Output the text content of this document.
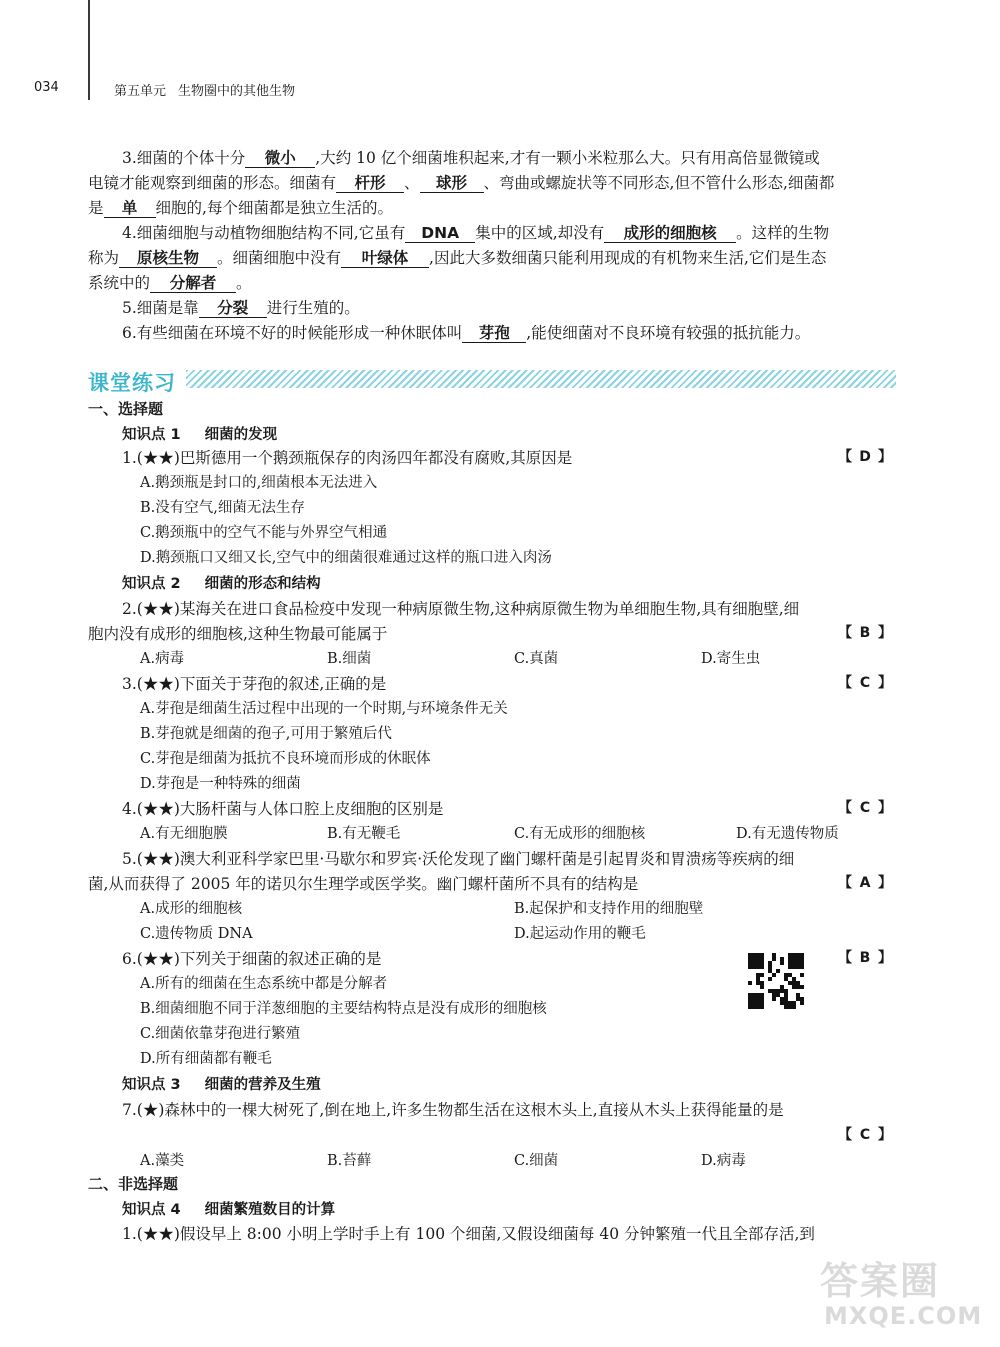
034	第五单元 生物圈中的其他生物
3.细菌的个体十分 微小 ,大约 10 亿个细菌堆积起来,才有一颗小米粒那么大。只有用高倍显微镜或
电镜才能观察到细菌的形态。细菌有 杆形 、 球形 、弯曲或螺旋状等不同形态,但不管什么形态,细菌都
是 单 细胞的,每个细菌都是独立生活的。
4.细菌细胞与动植物细胞结构不同,它虽有 DNA 集中的区域,却没有 成形的细胞核 。这样的生物
称为 原核生物 。细菌细胞中没有 叶绿体 ,因此大多数细菌只能利用现成的有机物来生活,它们是生态
系统中的 分解者 。
5.细菌是靠 分裂 进行生殖的。
6.有些细菌在环境不好的时候能形成一种休眠体叫 芽孢 ,能使细菌对不良环境有较强的抵抗能力。
课堂练习
一、选择题
知识点 1 细菌的发现
1.(★★)巴斯德用一个鹅颈瓶保存的肉汤四年都没有腐败,其原因是	【 D 】
A.鹅颈瓶是封口的,细菌根本无法进入
B.没有空气,细菌无法生存
C.鹅颈瓶中的空气不能与外界空气相通
D.鹅颈瓶口又细又长,空气中的细菌很难通过这样的瓶口进入肉汤
知识点 2 细菌的形态和结构
2.(★★)某海关在进口食品检疫中发现一种病原微生物,这种病原微生物为单细胞生物,具有细胞壁,细
胞内没有成形的细胞核,这种生物最可能属于	【 B 】
A.病毒	B.细菌	C.真菌	D.寄生虫
3.(★★)下面关于芽孢的叙述,正确的是	【 C 】
A.芽孢是细菌生活过程中出现的一个时期,与环境条件无关
B.芽孢就是细菌的孢子,可用于繁殖后代
C.芽孢是细菌为抵抗不良环境而形成的休眠体
D.芽孢是一种特殊的细菌
4.(★★)大肠杆菌与人体口腔上皮细胞的区别是	【 C 】
A.有无细胞膜	B.有无鞭毛	C.有无成形的细胞核	D.有无遗传物质
5.(★★)澳大利亚科学家巴里·马歇尔和罗宾·沃伦发现了幽门螺杆菌是引起胃炎和胃溃疡等疾病的细
菌,从而获得了 2005 年的诺贝尔生理学或医学奖。幽门螺杆菌所不具有的结构是	【 A 】
A.成形的细胞核	B.起保护和支持作用的细胞壁
C.遗传物质 DNA	D.起运动作用的鞭毛
6.(★★)下列关于细菌的叙述正确的是	【 B 】
A.所有的细菌在生态系统中都是分解者
B.细菌细胞不同于洋葱细胞的主要结构特点是没有成形的细胞核
C.细菌依靠芽孢进行繁殖
D.所有细菌都有鞭毛
知识点 3 细菌的营养及生殖
7.(★)森林中的一棵大树死了,倒在地上,许多生物都生活在这根木头上,直接从木头上获得能量的是
【 C 】
A.藻类	B.苔藓	C.细菌	D.病毒
二、非选择题
知识点 4 细菌繁殖数目的计算
1.(★★)假设早上 8:00 小明上学时手上有 100 个细菌,又假设细菌每 40 分钟繁殖一代且全部存活,到
答案圈
MXQE.COM
